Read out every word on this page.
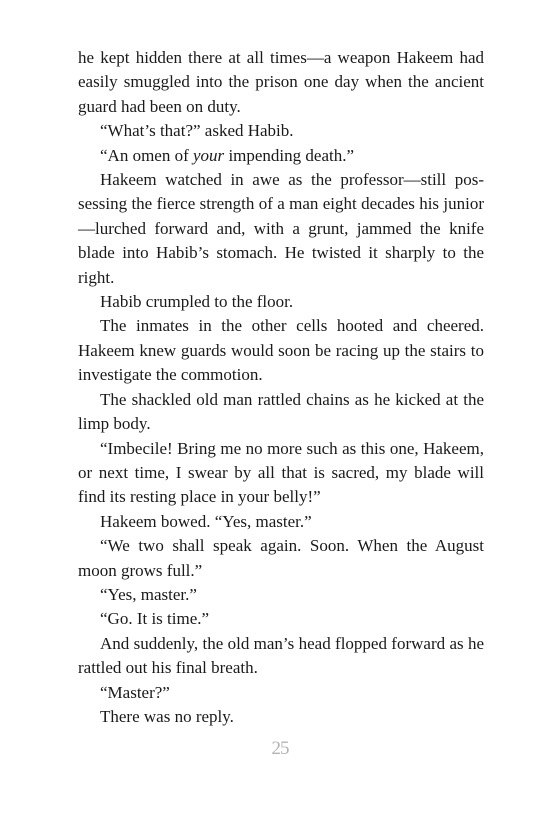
he kept hidden there at all times—a weapon Hakeem had easily smuggled into the prison one day when the ancient guard had been on duty.

“What’s that?” asked Habib.

“An omen of your impending death.”

Hakeem watched in awe as the professor—still possessing the fierce strength of a man eight decades his junior—lurched forward and, with a grunt, jammed the knife blade into Habib’s stomach. He twisted it sharply to the right.

Habib crumpled to the floor.

The inmates in the other cells hooted and cheered. Hakeem knew guards would soon be racing up the stairs to investigate the commotion.

The shackled old man rattled chains as he kicked at the limp body.

“Imbecile! Bring me no more such as this one, Hakeem, or next time, I swear by all that is sacred, my blade will find its resting place in your belly!”

Hakeem bowed. “Yes, master.”

“We two shall speak again. Soon. When the August moon grows full.”

“Yes, master.”

“Go. It is time.”

And suddenly, the old man’s head flopped forward as he rattled out his final breath.

“Master?”

There was no reply.

25
